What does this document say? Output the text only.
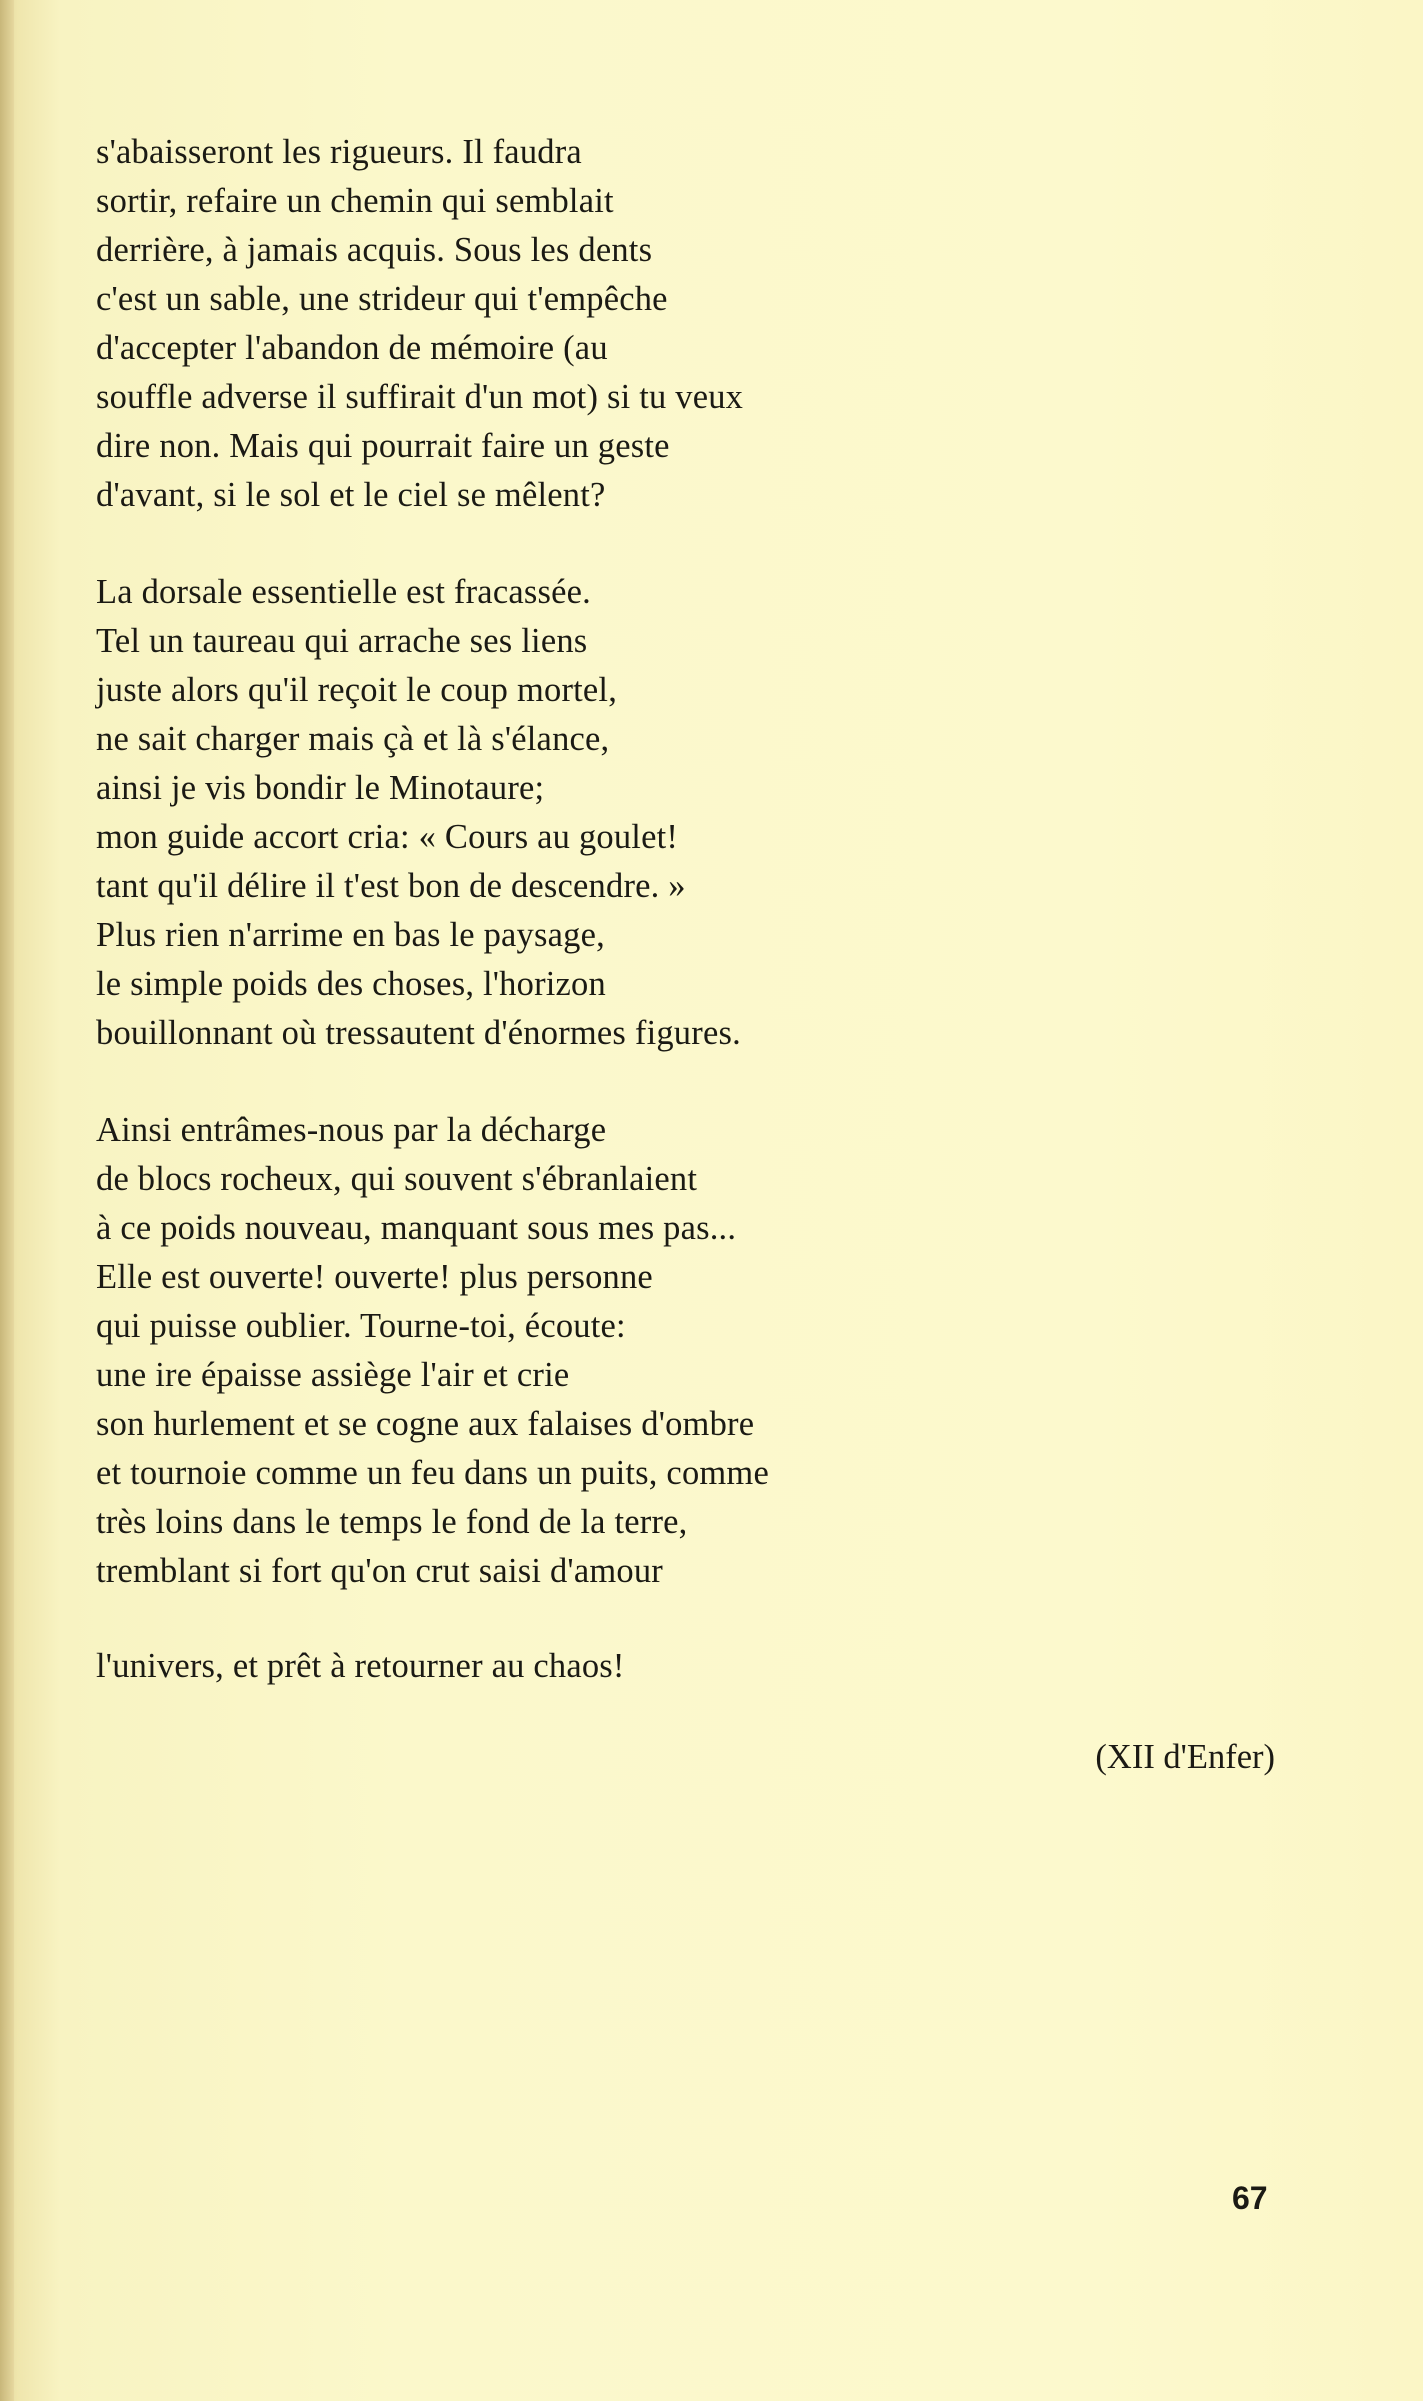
s'abaisseront les rigueurs. Il faudra
sortir, refaire un chemin qui semblait
derrière, à jamais acquis. Sous les dents
c'est un sable, une strideur qui t'empêche
d'accepter l'abandon de mémoire (au
souffle adverse il suffirait d'un mot) si tu veux
dire non. Mais qui pourrait faire un geste
d'avant, si le sol et le ciel se mêlent?
La dorsale essentielle est fracassée.
Tel un taureau qui arrache ses liens
juste alors qu'il reçoit le coup mortel,
ne sait charger mais çà et là s'élance,
ainsi je vis bondir le Minotaure;
mon guide accort cria: « Cours au goulet!
tant qu'il délire il t'est bon de descendre. »
Plus rien n'arrime en bas le paysage,
le simple poids des choses, l'horizon
bouillonnant où tressautent d'énormes figures.
Ainsi entrâmes-nous par la décharge
de blocs rocheux, qui souvent s'ébranlaient
à ce poids nouveau, manquant sous mes pas...
Elle est ouverte! ouverte! plus personne
qui puisse oublier. Tourne-toi, écoute:
une ire épaisse assiège l'air et crie
son hurlement et se cogne aux falaises d'ombre
et tournoie comme un feu dans un puits, comme
très loins dans le temps le fond de la terre,
tremblant si fort qu'on crut saisi d'amour
l'univers, et prêt à retourner au chaos!
(XII d'Enfer)
67
